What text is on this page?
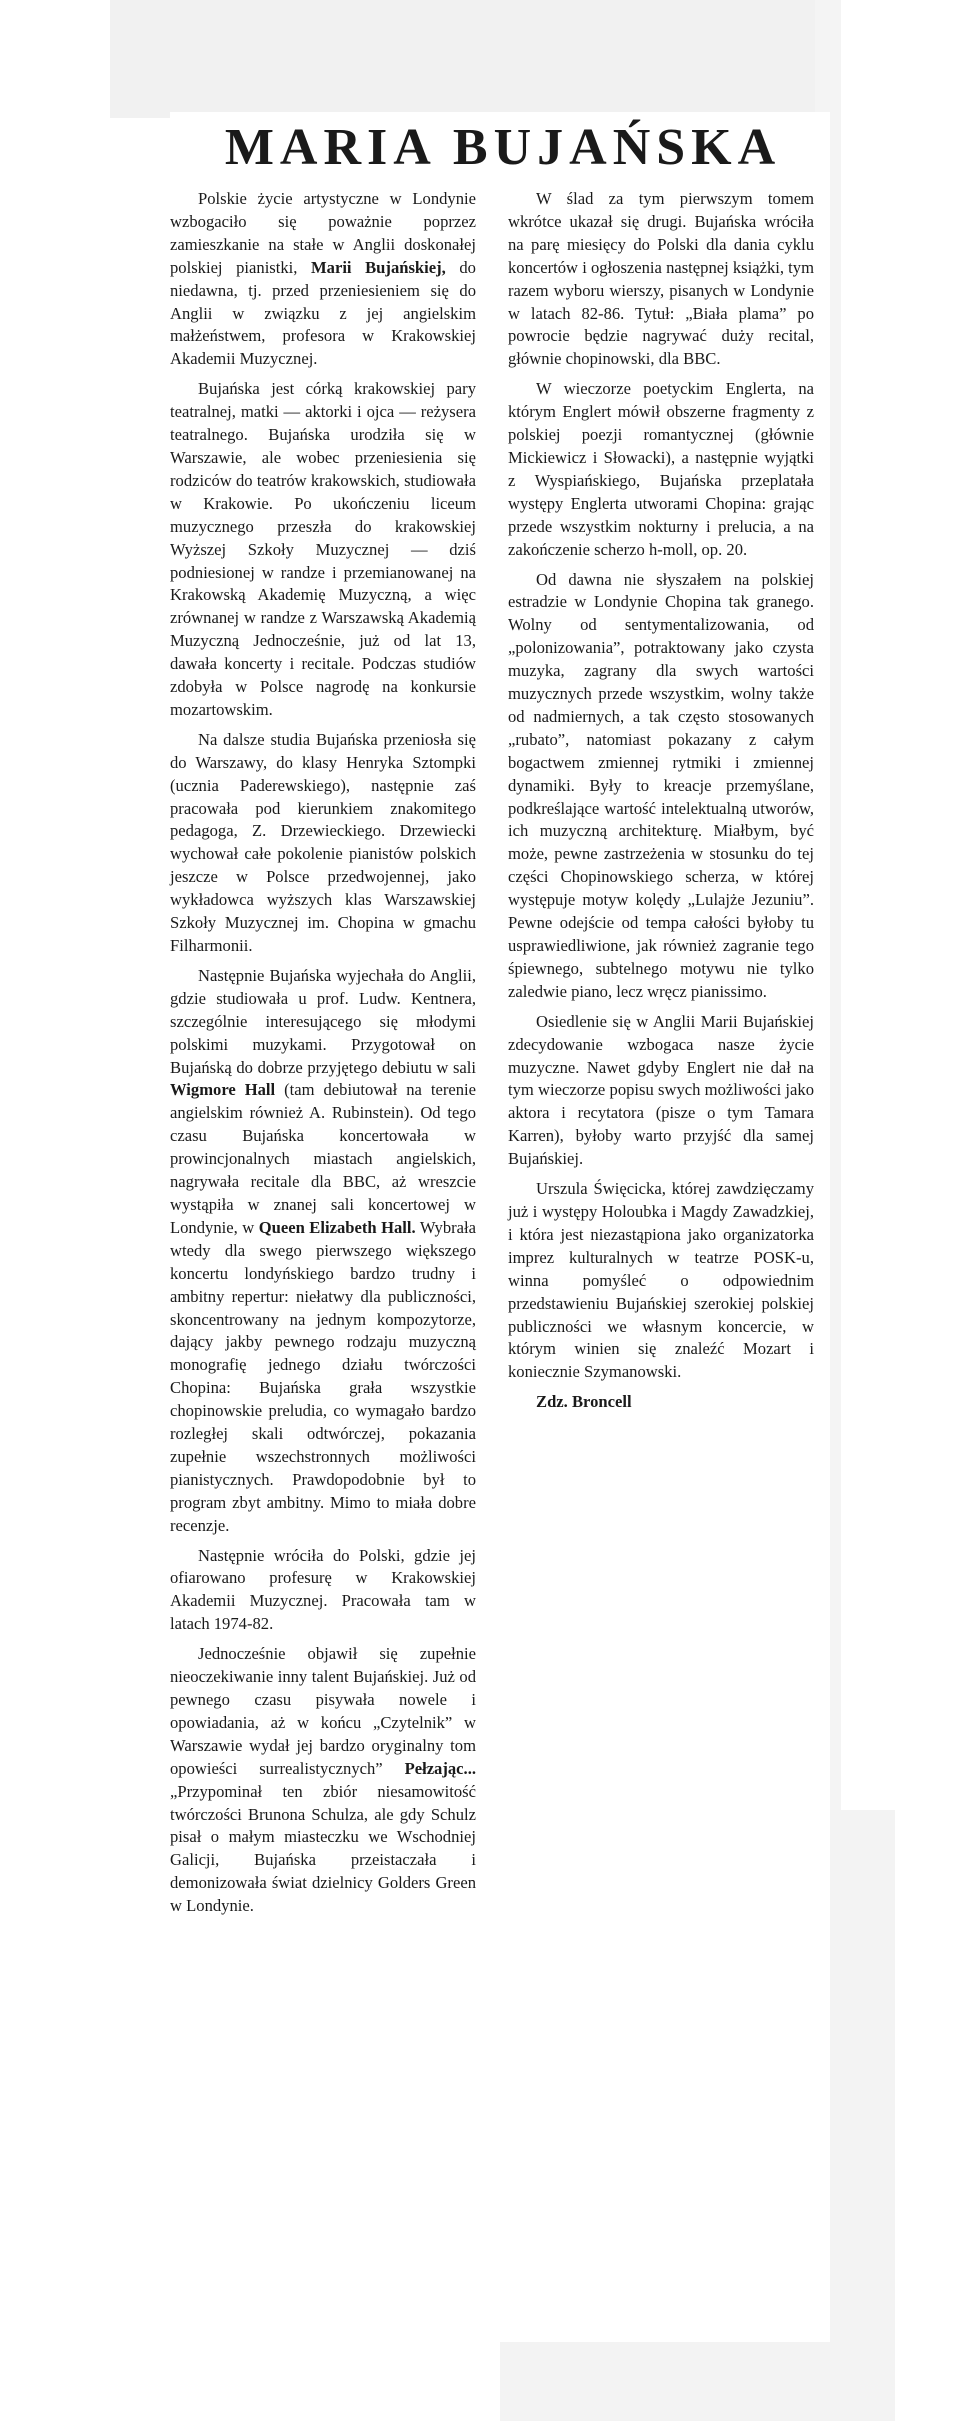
MARIA BUJAŃSKA

Polskie życie artystyczne w Londynie wzbogaciło się poważnie poprzez zamieszkanie na stałe w Anglii doskonałej polskiej pianistki, Marii Bujańskiej, do niedawna, tj. przed przeniesieniem się do Anglii w związku z jej angielskim małżeństwem, profesora w Krakowskiej Akademii Muzycznej.

Bujańska jest córką krakowskiej pary teatralnej, matki — aktorki i ojca — reżysera teatralnego. Bujańska urodziła się w Warszawie, ale wobec przeniesienia się rodziców do teatrów krakowskich, studiowała w Krakowie. Po ukończeniu liceum muzycznego przeszła do krakowskiej Wyższej Szkoły Muzycznej — dziś podniesionej w randze i przemianowanej na Krakowską Akademię Muzyczną, a więc zrównanej w randze z Warszawską Akademią Muzyczną Jednocześnie, już od lat 13, dawała koncerty i recitale. Podczas studiów zdobyła w Polsce nagrodę na konkursie mozartowskim.

Na dalsze studia Bujańska przeniosła się do Warszawy, do klasy Henryka Sztompki (ucznia Paderewskiego), następnie zaś pracowała pod kierunkiem znakomitego pedagoga, Z. Drzewieckiego. Drzewiecki wychował całe pokolenie pianistów polskich jeszcze w Polsce przedwojennej, jako wykładowca wyższych klas Warszawskiej Szkoły Muzycznej im. Chopina w gmachu Filharmonii.

Następnie Bujańska wyjechała do Anglii, gdzie studiowała u prof. Ludw. Kentnera, szczególnie interesującego się młodymi polskimi muzykami. Przygotował on Bujańską do dobrze przyjętego debiutu w sali Wigmore Hall (tam debiutował na terenie angielskim również A. Rubinstein). Od tego czasu Bujańska koncertowała w prowincjonalnych miastach angielskich, nagrywała recitale dla BBC, aż wreszcie wystąpiła w znanej sali koncertowej w Londynie, w Queen Elizabeth Hall. Wybrała wtedy dla swego pierwszego większego koncertu londyńskiego bardzo trudny i ambitny repertur: niełatwy dla publiczności, skoncentrowany na jednym kompozytorze, dający jakby pewnego rodzaju muzyczną monografię jednego działu twórczości Chopina: Bujańska grała wszystkie chopinowskie preludia, co wymagało bardzo rozległej skali odtwórczej, pokazania zupełnie wszechstronnych możliwości pianistycznych. Prawdopodobnie był to program zbyt ambitny. Mimo to miała dobre recenzje.

Następnie wróciła do Polski, gdzie jej ofiarowano profesurę w Krakowskiej Akademii Muzycznej. Pracowała tam w latach 1974-82.

Jednocześnie objawił się zupełnie nieoczekiwanie inny talent Bujańskiej. Już od pewnego czasu pisywała nowele i opowiadania, aż w końcu „Czytelnik” w Warszawie wydał jej bardzo oryginalny tom opowieści surrealistycznych” Pełzając... „Przypominał ten zbiór niesamowitość twórczości Brunona Schulza, ale gdy Schulz pisał o małym miasteczku we Wschodniej Galicji, Bujańska przeistaczała i demonizowała świat dzielnicy Golders Green w Londynie.

W ślad za tym pierwszym tomem wkrótce ukazał się drugi. Bujańska wróciła na parę miesięcy do Polski dla dania cyklu koncertów i ogłoszenia następnej książki, tym razem wyboru wierszy, pisanych w Londynie w latach 82-86. Tytuł: „Biała plama” po powrocie będzie nagrywać duży recital, głównie chopinowski, dla BBC.

W wieczorze poetyckim Englerta, na którym Englert mówił obszerne fragmenty z polskiej poezji romantycznej (głównie Mickiewicz i Słowacki), a następnie wyjątki z Wyspiańskiego, Bujańska przeplatała występy Englerta utworami Chopina: grając przede wszystkim nokturny i prelucia, a na zakończenie scherzo h-moll, op. 20.

Od dawna nie słyszałem na polskiej estradzie w Londynie Chopina tak granego. Wolny od sentymentalizowania, od „polonizowania”, potraktowany jako czysta muzyka, zagrany dla swych wartości muzycznych przede wszystkim, wolny także od nadmiernych, a tak często stosowanych „rubato”, natomiast pokazany z całym bogactwem zmiennej rytmiki i zmiennej dynamiki. Były to kreacje przemyślane, podkreślające wartość intelektualną utworów, ich muzyczną architekturę. Miałbym, być może, pewne zastrzeżenia w stosunku do tej części Chopinowskiego scherza, w której występuje motyw kolędy „Lulajże Jezuniu”. Pewne odejście od tempa całości byłoby tu usprawiedliwione, jak również zagranie tego śpiewnego, subtelnego motywu nie tylko zaledwie piano, lecz wręcz pianissimo.

Osiedlenie się w Anglii Marii Bujańskiej zdecydowanie wzbogaca nasze życie muzyczne. Nawet gdyby Englert nie dał na tym wieczorze popisu swych możliwości jako aktora i recytatora (pisze o tym Tamara Karren), byłoby warto przyjść dla samej Bujańskiej.

Urszula Święcicka, której zawdzięczamy już i występy Holoubka i Magdy Zawadzkiej, i która jest niezastąpiona jako organizatorka imprez kulturalnych w teatrze POSK-u, winna pomyśleć o odpowiednim przedstawieniu Bujańskiej szerokiej polskiej publiczności we własnym koncercie, w którym winien się znaleźć Mozart i koniecznie Szymanowski.

Zdz. Broncell
